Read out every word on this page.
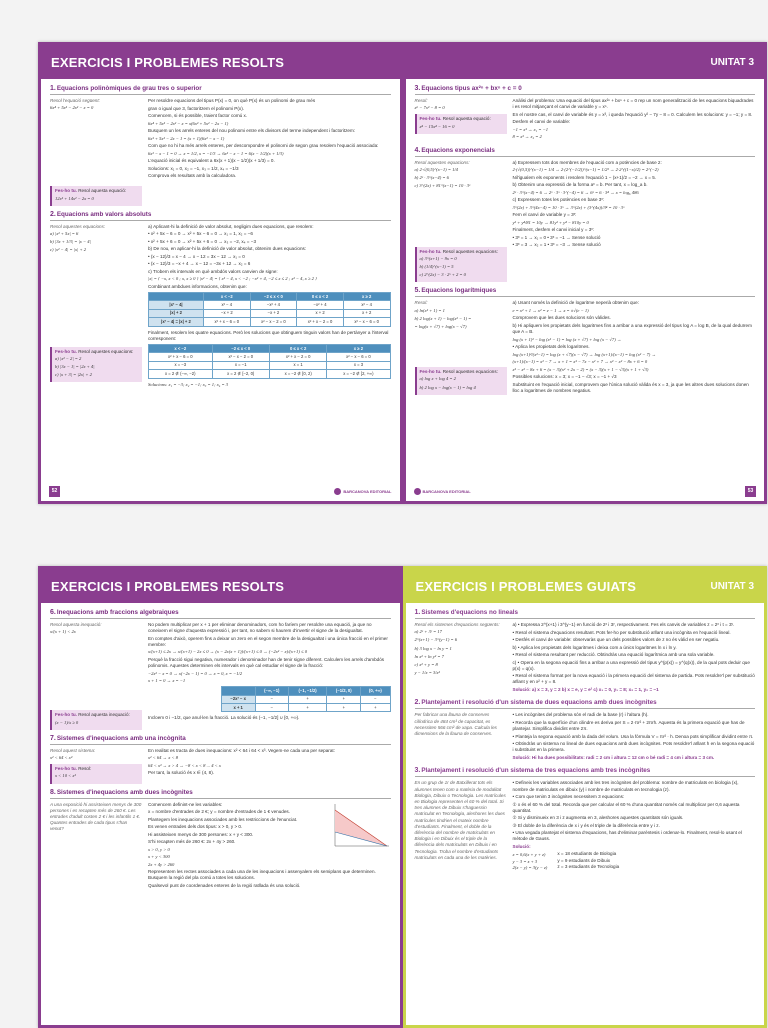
EXERCICIS I PROBLEMES RESOLTS
1.Equacions polinòmiques de grau tres o superior
Resol l'equació següent:
6x⁴ + 5x³ − 2x² − x = 0
Fes-ho tu. Resol aquesta equació:
12x³ + 14x² − 2x = 0
Per resoldre equacions del tipus P(x) = 0, on què P(x) és un polinomi de grau més
gran o igual que 3, factoritzem el polinomi P(x).
Comencem, si és possible, traient factor comú x.
6x⁴ + 5x³ − 2x² − x = x(6x³ + 5x² − 2x − 1)
Busquem un les arrels enteres del nou polinomi entre els divisors del terme independent i factoritzem:
6x³ + 5x² − 2x − 1 = (x + 1)(6x² − x − 1)
Com que no hi ha més arrels enteres, per descompondre el polinomi de segon grau resolem l'equació associada:
6x² − x − 1 = 0 → x = 1/2, x = −1/3 → 6x² − x − 1 = 6(x − 1/2)(x + 1/3)
L'equació inicial és equivalent a 6x(x + 1)(x − 1/2)(x + 1/3) = 0.
Solucions: x₁ = 0, x₂ = −1, x₃ = 1/2, x₄ = −1/3
Comprova els resultats amb la calculadora.
2.Equacions amb valors absoluts
Resol aquestes equacions:
a) |x² + 5x| = 6
b) |3x + 1/3| = |x − 4|
c) |x² − 4| = |x| + 2
Fes-ho tu. Resol aquestes equacions:
a) |x² − 2| = 2
b) |3x − 1| = |2x + 4|
c) |x + 3| = |2x| + 2
a) Aplicant-hi la definició de valor absolut, negligim dues equacions, que resolem:
• x² + 5x − 6 = 0 → x² + 5x − 6 = 0 → x₁ = 1, x₂ = −6
• x² + 5x + 6 = 0 → x² + 5x + 6 = 0 → x₃ = −2, x₄ = −3
b) De nou, en aplicar-hi la definició de valor absolut, obtenim dues equacions:
• (x − 12)/3 = x − 4 → x − 12 = 3x − 12 → x₁ = 0
• (x − 12)/3 = −x + 4 → x − 12 = −3x + 12 → x₂ = 6
c) Trobem els intervals en què ambdós valors canvien de signe:
|x| = { −x, x < 0 ; x, x ≥ 0 } |x² − 4| = { x² − 4, x < −2 ; −x² + 4, −2 ≤ x ≤ 2 ; x² − 4, x ≥ 2 }
Combinant ambdues informacions, obtenim que:
	x < −2	−2 ≤ x < 0	0 ≤ x < 2	x ≥ 2
|x² − 4|	x² − 4	−x² + 4	−x² + 4	x² − 4
|x| + 2	−x + 2	−x + 2	x + 2	x + 2
|x² − 4| = |x| + 2	x² + x − 6 = 0	x² − x − 2 = 0	x² + x − 2 = 0	x² − x − 6 = 0
Finalment, resolem les quatre equacions. Però les solucions que obtinguem tinguin valors han de pertànyer a l'interval corresponent:
x < −2	−2 ≤ x < 0	0 ≤ x < 2	x ≥ 2
x² + x − 6 = 0	x² − x − 2 = 0	x² + x − 2 = 0	x² − x − 6 = 0
x = −3	x = −1	x = 1	x = 3
x = 2 ∉ (−∞, −2)	x = 2 ∉ [−2, 0)	x = −2 ∉ [0, 2)	x = −2 ∉ [2, +∞)
Solucions: x₁ = −3; x₂ = −1; x₃ = 1; x₄ = 3
52	BARCANOVA EDITORIAL
UNITAT 3
3.Equacions tipus ax²ⁿ + bxⁿ + c = 0
Resol:
x⁶ − 7x³ − 8 = 0
Fes-ho tu. Resol aquesta equació:
x⁸ − 15x⁴ − 16 = 0
Anàlisi del problema: Una equació del tipus ax²ⁿ + bxⁿ + c = 0 rep un nom generalització de les equacions biquadrades i es resol mitjançant el canvi de variable y = xⁿ.
En el nostre cas, el canvi de variable és y = x³, i queda l'equació y² − 7y − 8 = 0. Calculem les solucions: y = −1; y = 8.
Desfem el canvi de variable:
−1 = x³ → x₁ = −1
8 = x³ → x₂ = 2
4.Equacions exponencials
Resol aquestes equacions:
a) 2·√(0,5)^(x−1) = 1/4
b) 2ˣ · 3^(x−4) = 6
c) 3^(2x) + 81^(x−1) = 10 · 3ˣ
Fes-ho tu. Resol aquestes equacions:
a) 3^(x+1) − 9x = 0
b) (1/4)^(x−1) = 5
c) 2^(2x) − 3 · 2ˣ + 2 = 0
a) Expressem tots dos membres de l'equació com a potències de base 2:
2·(√(0,5))^(x−1) = 1/4 → 2·(2^(−1/2))^(x−1) = 1/2² → 2·2^((1−x)/2) = 2^(−2)
Nil'igualem els exponents i resolem l'equació 1 − (x+1)/2 = −2 → x = 5.
b) Obtenim una expressió de la forma aˣ = b. Per tant, x = log_a b.
2ˣ · 3^(x−4) = 6 → 2ˣ · 3ˣ · 3^(−4) = 6 → 6ˣ = 6 · 3⁴ → x = log₆ 486
c) Expressem totes les potències en base 3ˣ:
3^(2x) + 3^(4x−4) = 10 · 3ˣ → 3^(2x) + (3^(4x))/3⁴ = 10 · 3ˣ
Fem el canvi de variable y = 3ˣ:
y² + y⁴/81 = 10y → 81y² + y⁴ − 810y = 0
Finalment, desfem el canvi inicial y = 3ˣ:
• 3ˣ = 1 → x₁ = 0 • 3ˣ = −1 → Sense solució
• 3ˣ = 3 → x₂ = 1 • 3ˣ = −3 → Sense solució
5.Equacions logarítmiques
Resol:
a) ln(x² + 1) = 1
b) 2 log(x + 1) − log(x² − 1) =
= log(x + √7) + log(x − √7)
Fes-ho tu. Resol aquestes equacions:
a) log x + log 4 = 2
b) 2 log x − log(x − 1) = log 4
a) Usant només la definició de logaritme neperià obtenim que:
e = x² + 1 → x² = e − 1 → x = ±√(e − 1)
Comprovem que les dues solucions són vàlides.
b) Hi apliquem les propietats dels logaritmes fins a arribar a una expressió del tipus log A = log B, de la qual deduïrem que A = B.
log (x + 1)² − log (x² − 1) = log (x + √7) + log (x − √7) →
• Aplica les propietats dels logaritmes.
log (x+1)²/(x²−1) = log (x + √7)(x − √7) → log (x+1)/(x−1) = log (x² − 7) →
(x+1)/(x−1) = x² − 7 → x + 1 = x³ − 7x − x² + 7 → x³ − x² − 8x + 6 = 0
x³ − x² − 8x + 6 = (x − 3)(x² + 2x − 2) = (x − 3)(x + 1 − √3)(x + 1 + √3)
Possibles solucions: x = 3; x = −1 − √3; x = −1 + √3
Substituint en l'equació inicial, comprovem que l'única solució vàlida és x = 3, ja que les altres dues solucions donen lloc a logaritmes de nombres negatius.
BARCANOVA EDITORIAL	53
EXERCICIS I PROBLEMES RESOLTS
6.Inequacions amb fraccions algebraiques
Resol aquesta inequació:
x/(x + 1) < 2x
Fes-ho tu. Resol aquesta inequació:
(x − 1)/x ≥ 0
No podem multiplicar per x + 1 per eliminar denominadors, com ho faríem per resoldre una equació, ja que no coneixem el signe d'aquesta expressió i, per tant, no sabem si haurem d'invertir el signe de la desigualtat.
En comptes d'això, operem fins a deixar un zero en el segon membre de la desigualtat i una única fracció en el primer membre:
x/(x+1) ≤ 2x → x/(x+1) − 2x ≤ 0 → (x − 2x(x + 1))/(x+1) ≤ 0 → (−2x² − x)/(x+1) ≤ 0
Perquè la fracció sigui negativa, numerador i denominador han de tenir signe diferent. Calculem les arrels d'ambdós polinomis. Aquestes determinen els intervals en què cal estudiar el signe de la fracció:
−2x² − x = 0 → x(−2x − 1) = 0 → x = 0, x = −1/2
x + 1 = 0 → x = −1
	(−∞, −1)	(−1, −1/2)	(−1/2, 0)	(0, +∞)
−2x² − x	−	+	+	−
x + 1	−	+	+	+
Incloem 0 i −1/2, que anul·len la fracció. La solució és (−1, −1/2] ∪ [0, +∞).
7.Sistemes d'inequacions amb una incògnita
Resol aquest sistema:
x² < 64 < x³
Fes-ho tu. Resol:
x < 10 < x²
En realitat es tracta de dues inequacions: x² < 64 i 64 < x³. Vegem-ne cada una per separat:
x² < 64 → x < 8
64 < x³ → x > 4 → −8 < x < 8 ... 4 < x
Per tant, la solució és x ∈ (4, 8).
8.Sistemes d'inequacions amb dues incògnites
A una exposició hi assisteixen menys de 300 persones i es recapten més de 260 €. Les entrades d'adult costen 2 € i les infantils 1 €. Quantes entrades de cada tipus s'han venut?
Comencem definint-ne les variables:
x = nombre d'entrades de 2 €; y = nombre d'entrades de 1 € venudes.
Plantegem les inequacions associades amb les restriccions de l'enunciat.
Es venen entrades dels dos tipus: x > 0, y > 0.
Hi assisteixen menys de 300 persones: x + y < 300.
S'hi recapten més de 260 €: 2x + 4y > 260.
x > 0, y > 0
x + y < 300
2x + 4y > 260
Representem les rectes associades a cada una de les inequacions i assenyalem els semiplans que determinen. Busquem la regió del pla comú a totes les solucions.
Qualsevol punt de coordenades enteres de la regió ratllada és una solució.
EXERCICIS I PROBLEMES GUIATS	UNITAT 3
1.Sistemes d'equacions no lineals
Resol els sistemes d'equacions següents:
a) 2ˣ + 3ʸ = 17
2^(x+1) − 3^(y−1) = 6
b) 3 log x − ln y = 1
ln x² + ln y² = 7
c) x² + y = 8
y − 1/x = 3/x²
a) • Expressa 2^(x+1) i 3^(y−1) en funció de 2ˣ i 3ʸ, respectivament. Fes els canvis de variables z = 2ˣ i t = 3ʸ.
• Resol el sistema d'equacions resultant. Pots fer-ho per substitució aïllant una incògnita en l'equació lineal.
• Desfés el canvi de variable: observaràs que un dels possibles valors de z no és vàlid en ser negatiu.
b) • Aplica les propietats dels logaritmes i deixa com a únics logaritmes ln x i ln y.
• Resol el sistema resultant per reducció. Obtindràs una equació logarítmica amb una sola variable.
c) • Opera en la segona equació fins a arribar a una expressió del tipus y^(p(x)) = y^(q(x)), de la qual pots deduir que p(x) = q(x).
• Resol el sistema format per la nova equació i la primera equació del sistema de partida. Pots resoldre'l per substitució aïllant y en x² + y = 8.
Solució: a) x = 3, y = 2 b) x = e, y = e² c) x₁ = 0, y₁ = 8; x₂ = 1, y₂ = −1
2.Plantejament i resolució d'un sistema de dues equacions amb dues incògnites
Per fabricar una llauna de conserves cilíndrica de 484 cm³ de capacitat, es necessiten 566 cm² de xapa. Calcula les dimensions de la llauna de conserves.
• Les incògnites del problema són el radi de la base (r) i l'altura (h).
• Recorda que la superfície d'un cilindre es deriva per S = 2·πr² + 2πrh. Aquesta és la primera equació que has de plantejar. Simplifica dividint entre 2π.
• Planteja la segona equació amb la dada del volum. Usa la fórmula V = πr² · h. Denoa pots simplificar dividint entre π.
• Obtindràs un sistema no lineal de dues equacions amb dues incògnites. Pots resoldre'l aïllant h en la segona equació i substituint en la primera.
Solució: Hi ha dues possibilitats: radi = 2 cm i altura = 12 cm o bé radi = 4 cm i altura = 3 cm.
3.Plantejament i resolució d'un sistema de tres equacions amb tres incògnites
En un grup de 1r de Batxillerat tots els alumnes tenen com a matèria de modalitat Biologia, Dibuix o Tecnologia. Les matrícules en Biologia representen el 60 % del total. Si tres alumnes de Dibuix s'haguessin matriculat en Tecnologia, aleshores les dues matrícules tindrien el mateix nombre d'estudiants. Finalment, el doble de la diferència del nombre de matriculats en Biologia i en Dibuix és el triple de la diferència dels matriculats en Dibuix i en Tecnologia. Troba el nombre d'estudiants matriculats en cada una de les matèries.
• Defineix les variables associades amb les tres incògnites del problema: nombre de matriculats en biologia (x), nombre de matriculats en dibuix (y) i nombre de matriculats en tecnologia (z).
• Com que tenim 3 incògnites necessitem 3 equacions:
① x és el 60 % del total. Recorda que per calcular el 60 % d'una quantitat només cal multiplicar per 0,6 aquesta quantitat.
② Si y disminueix en 3 i z augmenta en 3, aleshores aquestes quantitats són iguals.
③ El doble de la diferència de x i y és el triple de la diferència entre y i z.
• Una vegada plantejat el sistema d'equacions, has d'eliminar parèntesis i ordenar-lo. Finalment, resol-lo usant el mètode de Gauss.
Solució:
x = 0,6(x + y + z)
y − 3 = z + 3
2(x − y) = 3(y − z)
x = 18 estudiants de Biologia
y = 9 estudiants de Dibuix
z = 3 estudiants de Tecnologia
